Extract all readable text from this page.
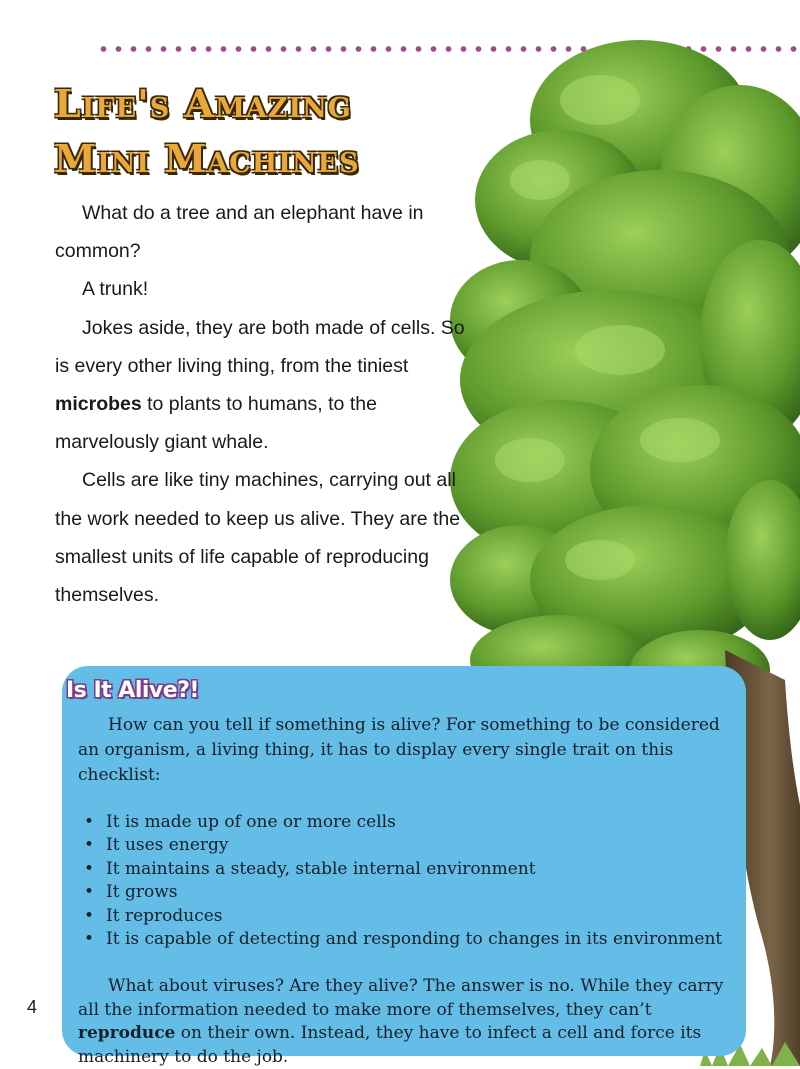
Life's Amazing
Mini Machines

What do a tree and an elephant have in common?

A trunk!

Jokes aside, they are both made of cells. So is every other living thing, from the tiniest microbes to plants to humans, to the marvelously giant whale.

Cells are like tiny machines, carrying out all the work needed to keep us alive. They are the smallest units of life capable of reproducing themselves.

Is It Alive?!

How can you tell if something is alive? For something to be considered an organism, a living thing, it has to display every single trait on this checklist:

• It is made up of one or more cells
• It uses energy
• It maintains a steady, stable internal environment
• It grows
• It reproduces
• It is capable of detecting and responding to changes in its environment

What about viruses? Are they alive? The answer is no. While they carry all the information needed to make more of themselves, they can’t reproduce on their own. Instead, they have to infect a cell and force its machinery to do the job.

4
